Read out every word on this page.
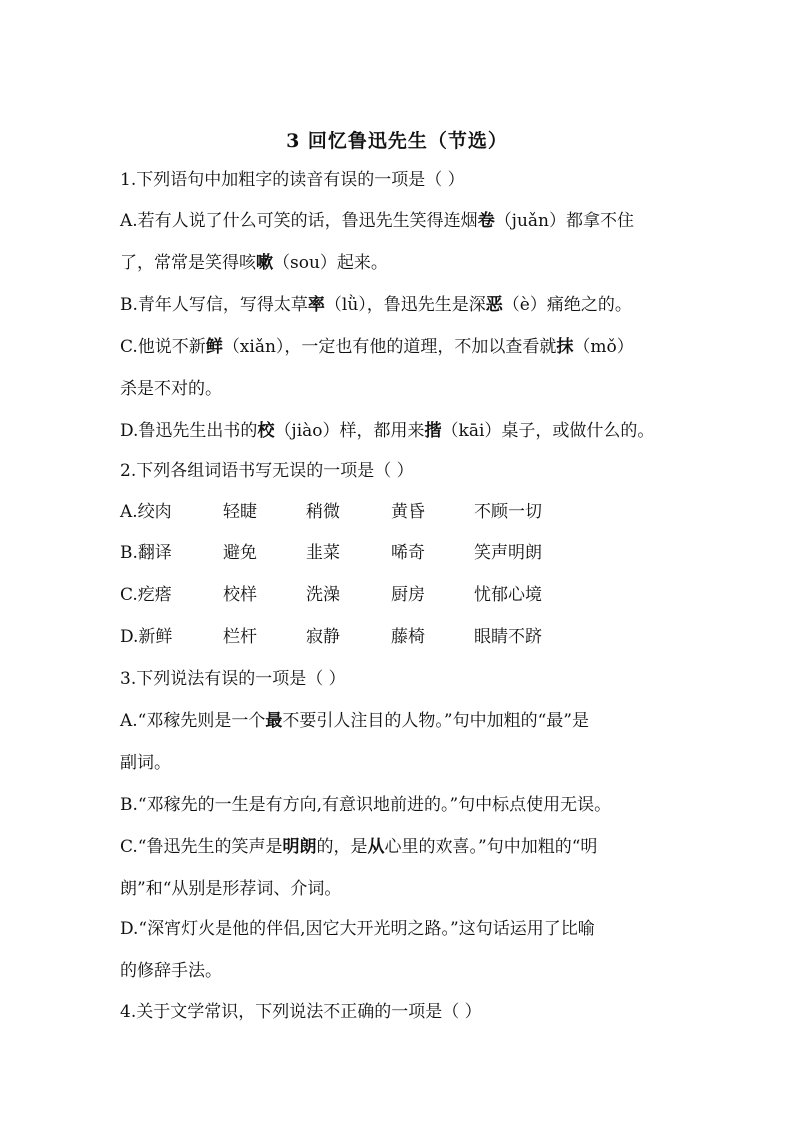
3 回忆鲁迅先生（节选）
1.下列语句中加粗字的读音有误的一项是（ ）
A.若有人说了什么可笑的话，鲁迅先生笑得连烟卷（juǎn）都拿不住
了，常常是笑得咳嗽（sou）起来。
B.青年人写信，写得太草率（lǜ），鲁迅先生是深恶（è）痛绝之的。
C.他说不新鲜（xiǎn），一定也有他的道理，不加以查看就抹（mǒ）
杀是不对的。
D.鲁迅先生出书的校（jiào）样，都用来揩（kāi）桌子，或做什么的。
2.下列各组词语书写无误的一项是（ ）
A.绞肉	轻睫	稍微	黄昏	不顾一切
B.翻译	避免	韭菜	唏奇	笑声明朗
C.疙瘩	校样	洗澡	厨房	忧郁心境
D.新鲜	栏杆	寂静	藤椅	眼睛不跻
3.下列说法有误的一项是（ ）
A.“邓稼先则是一个最不要引人注目的人物。”句中加粗的“最”是
副词。
B.“邓稼先的一生是有方向,有意识地前进的。”句中标点使用无误。
C.“鲁迅先生的笑声是明朗的，是从心里的欢喜。”句中加粗的“明
朗”和“从别是形荐词、介词。
D.“深宵灯火是他的伴侣,因它大开光明之路。”这句话运用了比喻
的修辞手法。
4.关于文学常识，下列说法不正确的一项是（ ）
